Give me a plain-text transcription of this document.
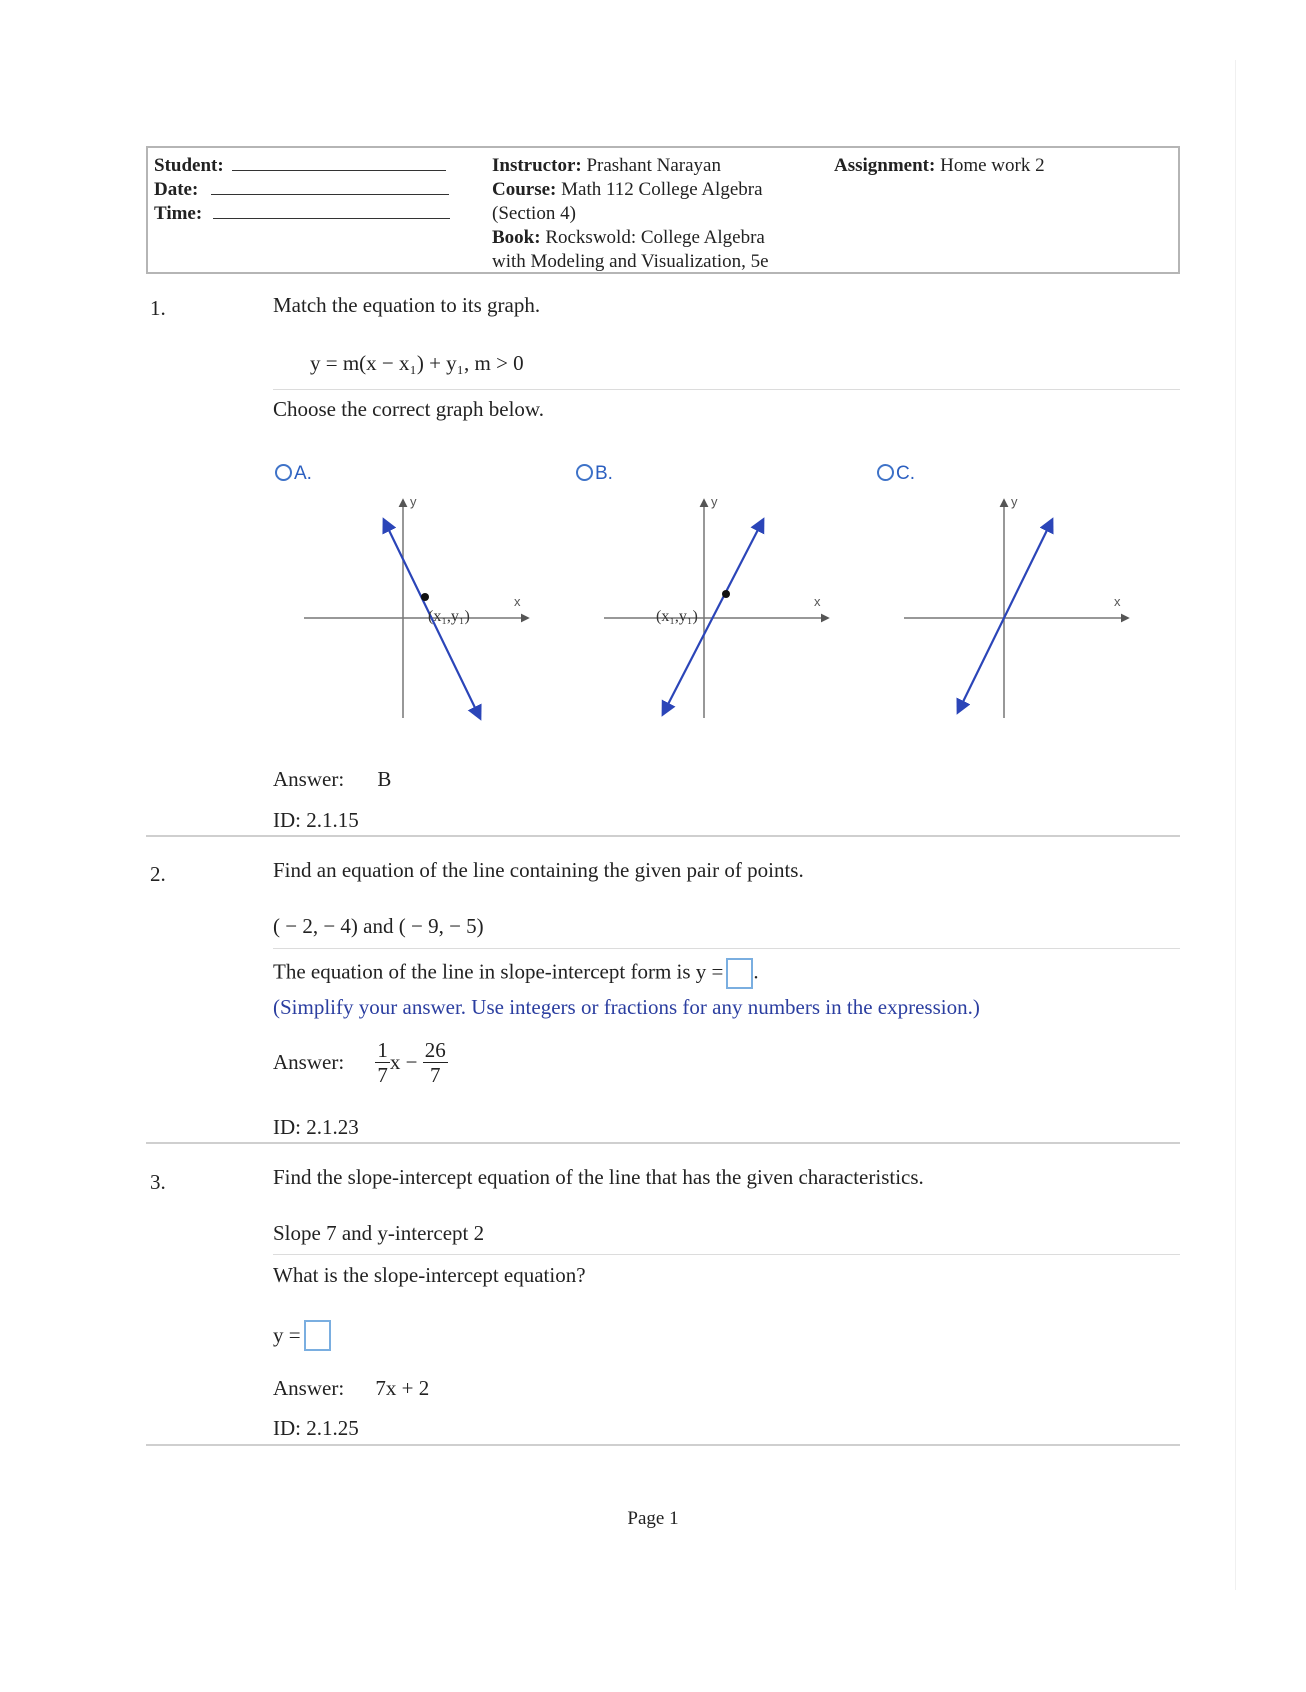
Student:
Date:
Time:
Instructor: Prashant Narayan
Course: Math 112 College Algebra
(Section 4)
Book: Rockswold: College Algebra
with Modeling and Visualization, 5e
Assignment: Home work 2
1.	Match the equation to its graph.
y = m(x − x₁) + y₁, m > 0
Choose the correct graph below.
A.	B.	C.
x
y
(x₁,y₁)
x
y
(x₁,y₁)
x
y
Answer: B
ID: 2.1.15
2.	Find an equation of the line containing the given pair of points.
( − 2, − 4) and ( − 9, − 5)
The equation of the line in slope-intercept form is y = .
(Simplify your answer. Use integers or fractions for any numbers in the expression.)
Answer: $\frac{1}{7}$ $x - \frac{26}{7}$
ID: 2.1.23
3.	Find the slope-intercept equation of the line that has the given characteristics.
Slope 7 and y-intercept 2
What is the slope-intercept equation?
y =
Answer: 7x + 2
ID: 2.1.25
Page 1
